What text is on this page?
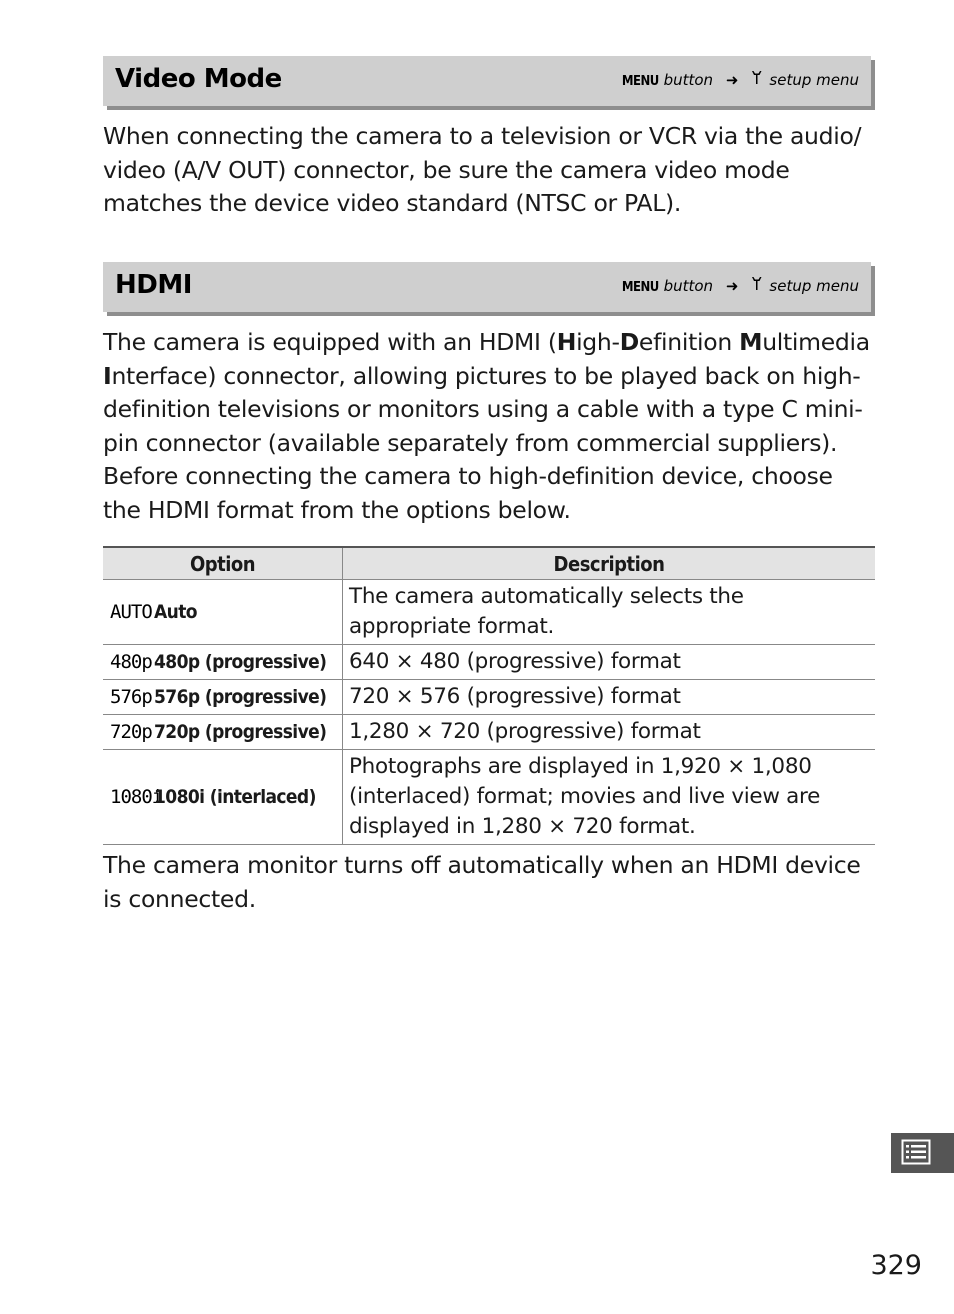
Video Mode	MENU button ➜ setup menu

When connecting the camera to a television or VCR via the audio/ video (A/V OUT) connector, be sure the camera video mode matches the device video standard (NTSC or PAL).

HDMI	MENU button ➜ setup menu

The camera is equipped with an HDMI (High-Definition Multimedia Interface) connector, allowing pictures to be played back on high-definition televisions or monitors using a cable with a type C mini-pin connector (available separately from commercial suppliers). Before connecting the camera to high-definition device, choose the HDMI format from the options below.

Option	Description
AUTO Auto	The camera automatically selects the appropriate format.
480p 480p (progressive)	640 × 480 (progressive) format
576p 576p (progressive)	720 × 576 (progressive) format
720p 720p (progressive)	1,280 × 720 (progressive) format
1080i1080i (interlaced)	Photographs are displayed in 1,920 × 1,080 (interlaced) format; movies and live view are displayed in 1,280 × 720 format.

The camera monitor turns off automatically when an HDMI device is connected.

329
